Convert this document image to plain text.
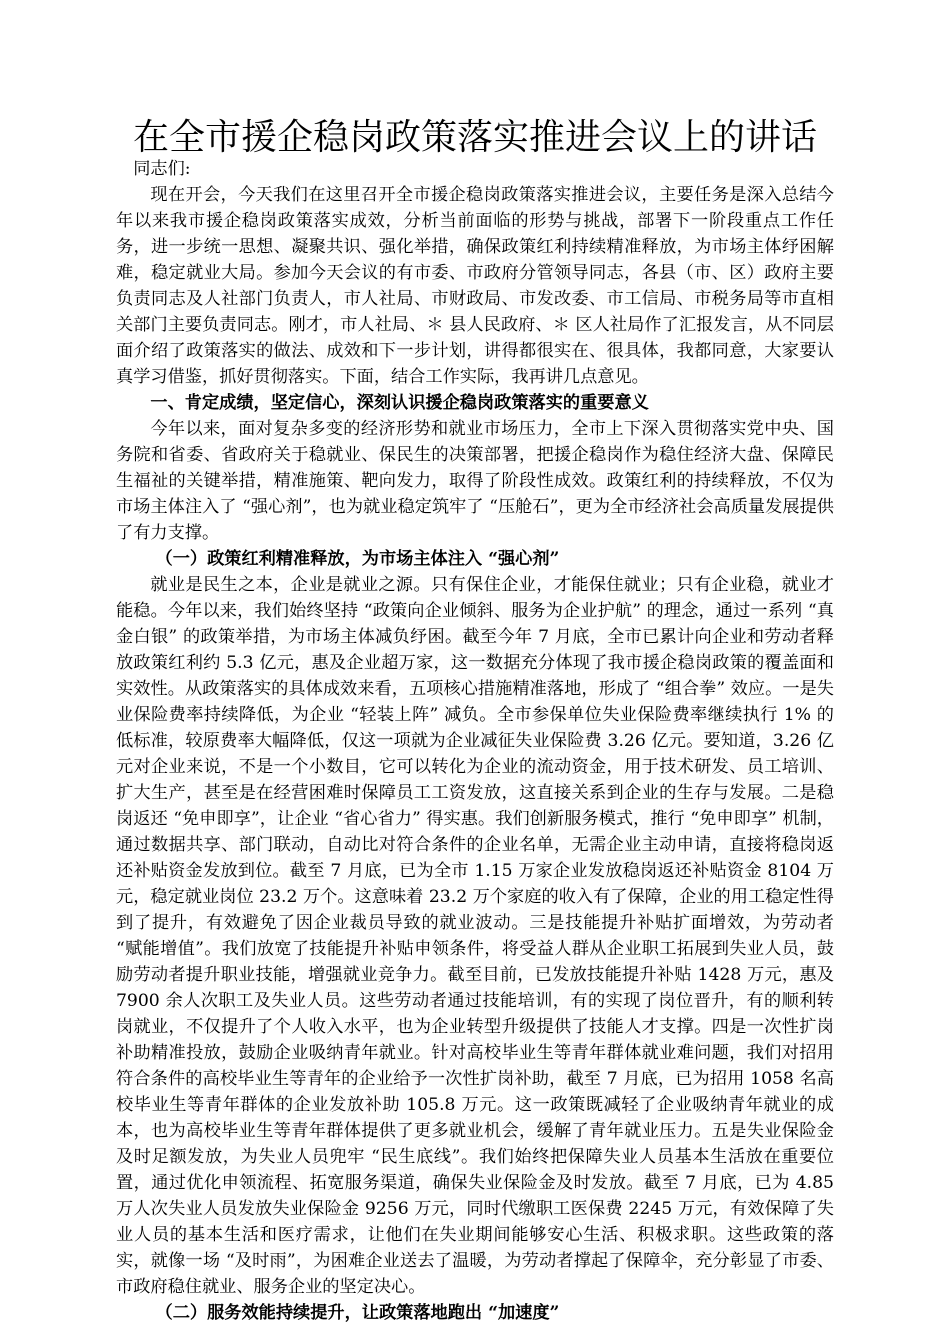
在全市援企稳岗政策落实推进会议上的讲话

同志们:

现在开会，今天我们在这里召开全市援企稳岗政策落实推进会议，主要任务是深入总结今年以来我市援企稳岗政策落实成效，分析当前面临的形势与挑战，部署下一阶段重点工作任务，进一步统一思想、凝聚共识、强化举措，确保政策红利持续精准释放，为市场主体纾困解难，稳定就业大局。参加今天会议的有市委、市政府分管领导同志，各县（市、区）政府主要负责同志及人社部门负责人，市人社局、市财政局、市发改委、市工信局、市税务局等市直相关部门主要负责同志。刚才，市人社局、＊ 县人民政府、＊ 区人社局作了汇报发言，从不同层面介绍了政策落实的做法、成效和下一步计划，讲得都很实在、很具体，我都同意，大家要认真学习借鉴，抓好贯彻落实。下面，结合工作实际，我再讲几点意见。

一、肯定成绩，坚定信心，深刻认识援企稳岗政策落实的重要意义

今年以来，面对复杂多变的经济形势和就业市场压力，全市上下深入贯彻落实党中央、国务院和省委、省政府关于稳就业、保民生的决策部署，把援企稳岗作为稳住经济大盘、保障民生福祉的关键举措，精准施策、靶向发力，取得了阶段性成效。政策红利的持续释放，不仅为市场主体注入了 “强心剂”，也为就业稳定筑牢了 “压舱石”，更为全市经济社会高质量发展提供了有力支撑。

（一）政策红利精准释放，为市场主体注入 “强心剂”

就业是民生之本，企业是就业之源。只有保住企业，才能保住就业；只有企业稳，就业才能稳。今年以来，我们始终坚持 “政策向企业倾斜、服务为企业护航” 的理念，通过一系列 “真金白银” 的政策举措，为市场主体减负纾困。截至今年 7 月底，全市已累计向企业和劳动者释放政策红利约 5.3 亿元，惠及企业超万家，这一数据充分体现了我市援企稳岗政策的覆盖面和实效性。从政策落实的具体成效来看，五项核心措施精准落地，形成了 “组合拳” 效应。一是失业保险费率持续降低，为企业 “轻装上阵” 减负。全市参保单位失业保险费率继续执行 1% 的低标准，较原费率大幅降低，仅这一项就为企业减征失业保险费 3.26 亿元。要知道，3.26 亿元对企业来说，不是一个小数目，它可以转化为企业的流动资金，用于技术研发、员工培训、扩大生产，甚至是在经营困难时保障员工工资发放，这直接关系到企业的生存与发展。二是稳岗返还 “免申即享”，让企业 “省心省力” 得实惠。我们创新服务模式，推行 “免申即享” 机制，通过数据共享、部门联动，自动比对符合条件的企业名单，无需企业主动申请，直接将稳岗返还补贴资金发放到位。截至 7 月底，已为全市 1.15 万家企业发放稳岗返还补贴资金 8104 万元，稳定就业岗位 23.2 万个。这意味着 23.2 万个家庭的收入有了保障，企业的用工稳定性得到了提升，有效避免了因企业裁员导致的就业波动。三是技能提升补贴扩面增效，为劳动者 “赋能增值”。我们放宽了技能提升补贴申领条件，将受益人群从企业职工拓展到失业人员，鼓励劳动者提升职业技能，增强就业竞争力。截至目前，已发放技能提升补贴 1428 万元，惠及 7900 余人次职工及失业人员。这些劳动者通过技能培训，有的实现了岗位晋升，有的顺利转岗就业，不仅提升了个人收入水平，也为企业转型升级提供了技能人才支撑。四是一次性扩岗补助精准投放，鼓励企业吸纳青年就业。针对高校毕业生等青年群体就业难问题，我们对招用符合条件的高校毕业生等青年的企业给予一次性扩岗补助，截至 7 月底，已为招用 1058 名高校毕业生等青年群体的企业发放补助 105.8 万元。这一政策既减轻了企业吸纳青年就业的成本，也为高校毕业生等青年群体提供了更多就业机会，缓解了青年就业压力。五是失业保险金及时足额发放，为失业人员兜牢 “民生底线”。我们始终把保障失业人员基本生活放在重要位置，通过优化申领流程、拓宽服务渠道，确保失业保险金及时发放。截至 7 月底，已为 4.85 万人次失业人员发放失业保险金 9256 万元，同时代缴职工医保费 2245 万元，有效保障了失业人员的基本生活和医疗需求，让他们在失业期间能够安心生活、积极求职。这些政策的落实，就像一场 “及时雨”，为困难企业送去了温暖，为劳动者撑起了保障伞，充分彰显了市委、市政府稳住就业、服务企业的坚定决心。

（二）服务效能持续提升，让政策落地跑出 “加速度”
